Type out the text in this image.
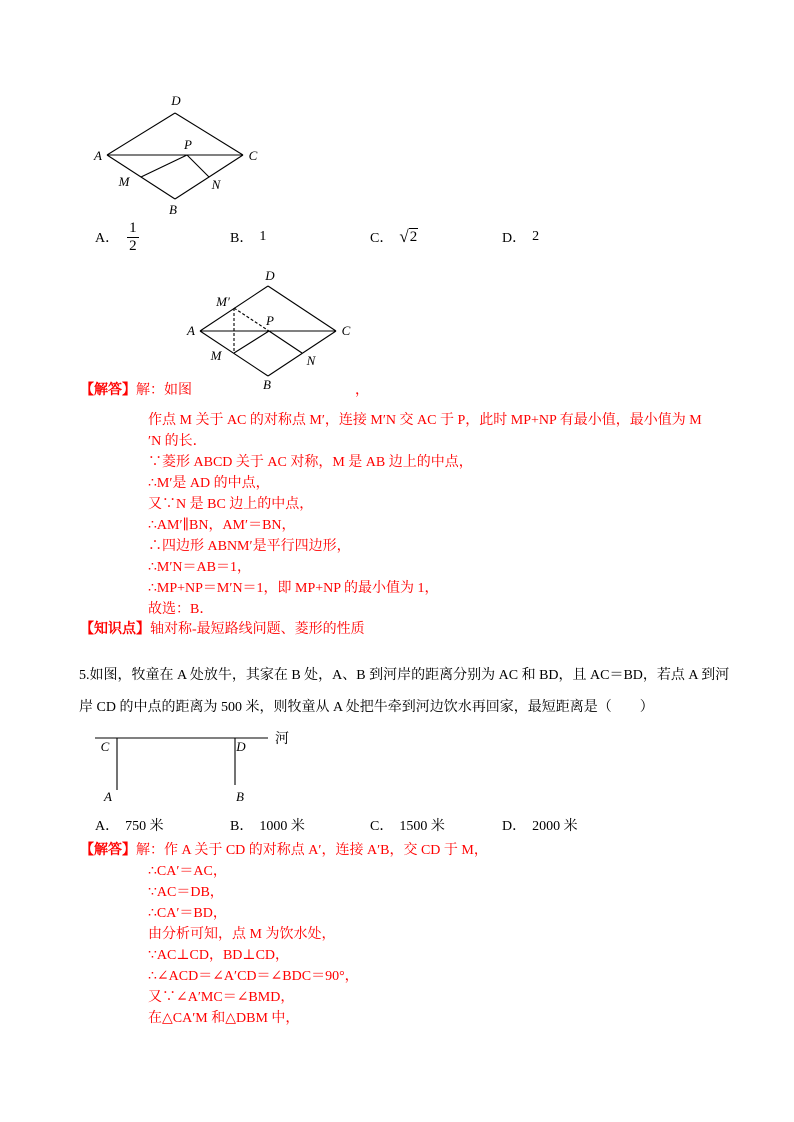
D
A	C
B
P
M	N
A． $\frac{1}{2}$	B． 1	C． √ 2	D． 2
D
M′
A
P
C
M	N
B
【解答】解：如图	，
作点 M 关于 AC 的对称点 M′，连接 M′N 交 AC 于 P，此时 MP+NP 有最小值，最小值为 M
′N 的长．
∵菱形 ABCD 关于 AC 对称，M 是 AB 边上的中点，
∴M′是 AD 的中点，
又∵N 是 BC 边上的中点，
∴AM′∥BN，AM′＝BN，
∴四边形 ABNM′是平行四边形，
∴M′N＝AB＝1，
∴MP+NP＝M′N＝1，即 MP+NP 的最小值为 1，
故选：B．
【知识点】轴对称-最短路线问题、菱形的性质
5.如图，牧童在 A 处放牛，其家在 B 处，A、B 到河岸的距离分别为 AC 和 BD，且 AC＝BD，若点 A 到河
岸 CD 的中点的距离为 500 米，则牧童从 A 处把牛牵到河边饮水再回家，最短距离是（　　）
C	D
A	B
河
A． 750 米	B． 1000 米	C． 1500 米	D． 2000 米
【解答】解：作 A 关于 CD 的对称点 A′，连接 A′B，交 CD 于 M，
∴CA′＝AC，
∵AC＝DB，
∴CA′＝BD，
由分析可知，点 M 为饮水处，
∵AC⊥CD，BD⊥CD，
∴∠ACD＝∠A′CD＝∠BDC＝90°，
又∵∠A′MC＝∠BMD，
在△CA′M 和△DBM 中，
